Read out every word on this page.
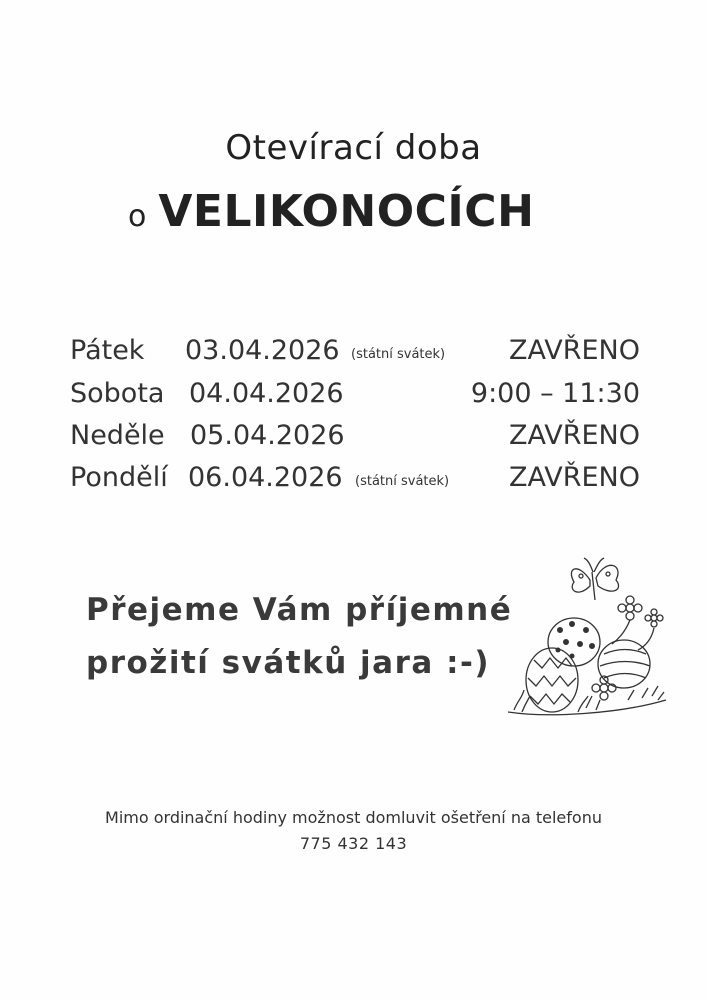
Otevírací doba
o VELIKONOCÍCH
Pátek 03.04.2026 (státní svátek) ZAVŘENO
Sobota 04.04.2026	9:00 – 11:30
Neděle 05.04.2026	ZAVŘENO
Pondělí 06.04.2026 (státní svátek) ZAVŘENO
Přejeme Vám příjemné
prožití svátků jara :-)
Mimo ordinační hodiny možnost domluvit ošetření na telefonu
775 432 143
